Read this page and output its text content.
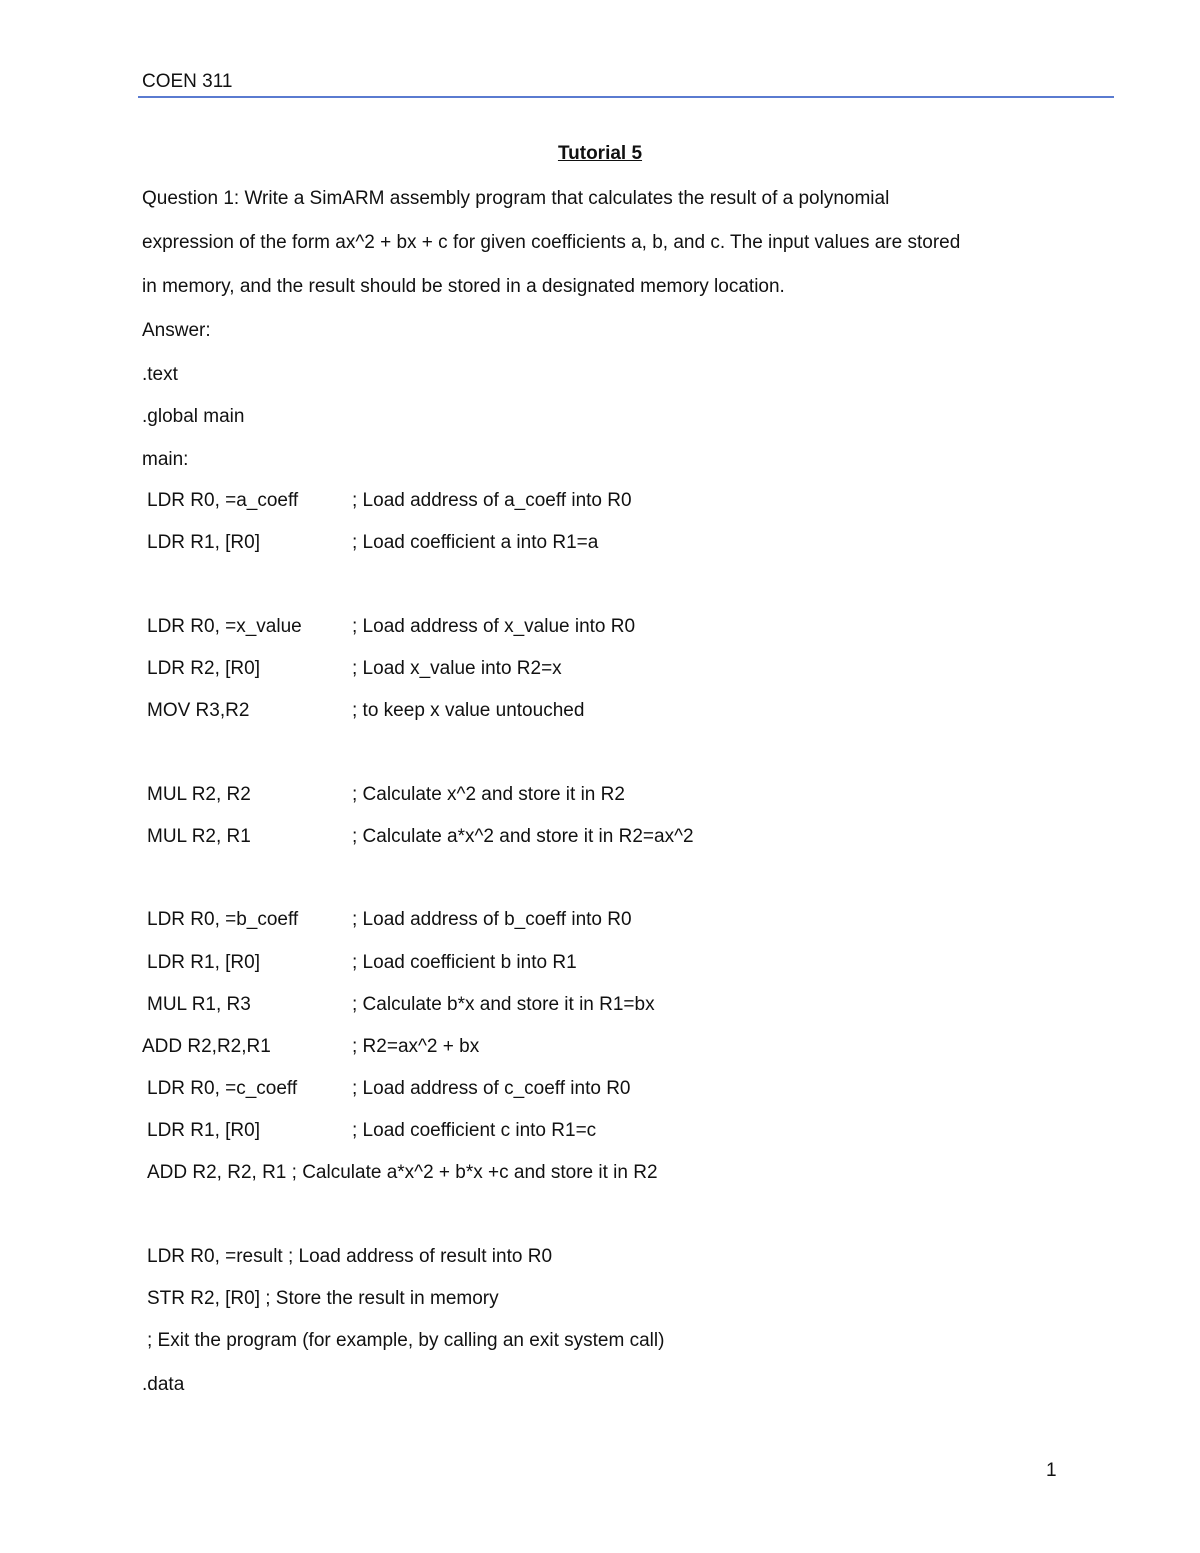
COEN 311
Tutorial 5
Question 1: Write a SimARM assembly program that calculates the result of a polynomial
expression of the form ax^2 + bx + c for given coefficients a, b, and c. The input values are stored
in memory, and the result should be stored in a designated memory location.
Answer:
.text
.global main
main:
LDR R0, =a_coeff	; Load address of a_coeff into R0
LDR R1, [R0]	; Load coefficient a into R1=a
LDR R0, =x_value	; Load address of x_value into R0
LDR R2, [R0]	; Load x_value into R2=x
MOV R3,R2	; to keep x value untouched
MUL R2, R2	; Calculate x^2 and store it in R2
MUL R2, R1	; Calculate a*x^2 and store it in R2=ax^2
LDR R0, =b_coeff	; Load address of b_coeff into R0
LDR R1, [R0]	; Load coefficient b into R1
MUL R1, R3	; Calculate b*x and store it in R1=bx
ADD R2,R2,R1	; R2=ax^2 + bx
LDR R0, =c_coeff	; Load address of c_coeff into R0
LDR R1, [R0]	; Load coefficient c into R1=c
ADD R2, R2, R1 ; Calculate a*x^2 + b*x +c and store it in R2
LDR R0, =result ; Load address of result into R0
STR R2, [R0] ; Store the result in memory
; Exit the program (for example, by calling an exit system call)
.data
1
